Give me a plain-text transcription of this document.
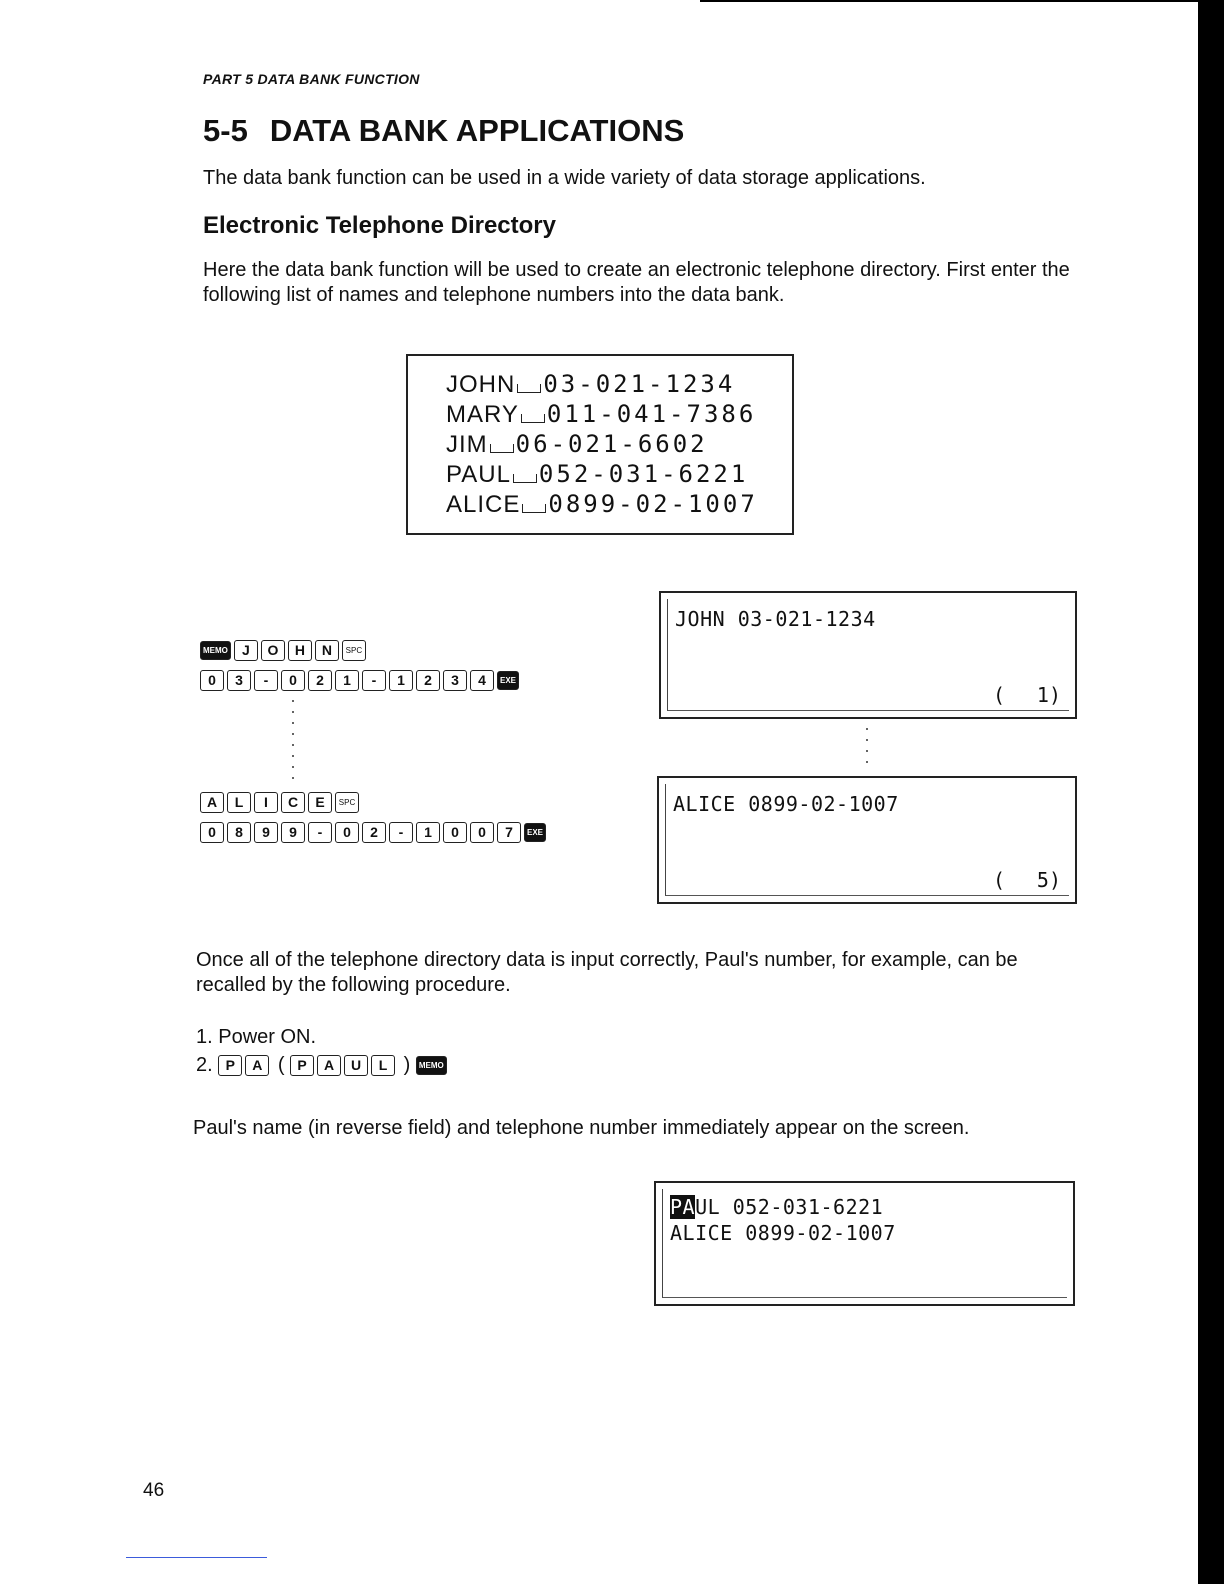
PART 5 DATA BANK FUNCTION
5-5 DATA BANK APPLICATIONS

The data bank function can be used in a wide variety of data storage applications.

Electronic Telephone Directory

Here the data bank function will be used to create an electronic telephone directory. First enter the following list of names and telephone numbers into the data bank.

JOHN 03-021-1234
MARY 011-041-7386
JIM 06-021-6602
PAUL 052-031-6221
ALICE 0899-02-1007
MEMO J O H N SPC
0 3 - 0 2 1 - 1 2 3 4 EXE
A L I C E SPC
0 8 9 9 - 0 2 - 1 0 0 7 EXE
JOHN 03-021-1234
( 1)
ALICE 0899-02-1007
( 5)

Once all of the telephone directory data is input correctly, Paul's number, for example, can be recalled by the following procedure.

1. Power ON.
2. P A ( P A U L ) MEMO

Paul's name (in reverse field) and telephone number immediately appear on the screen.

PAUL 052-031-6221
ALICE 0899-02-1007
46
